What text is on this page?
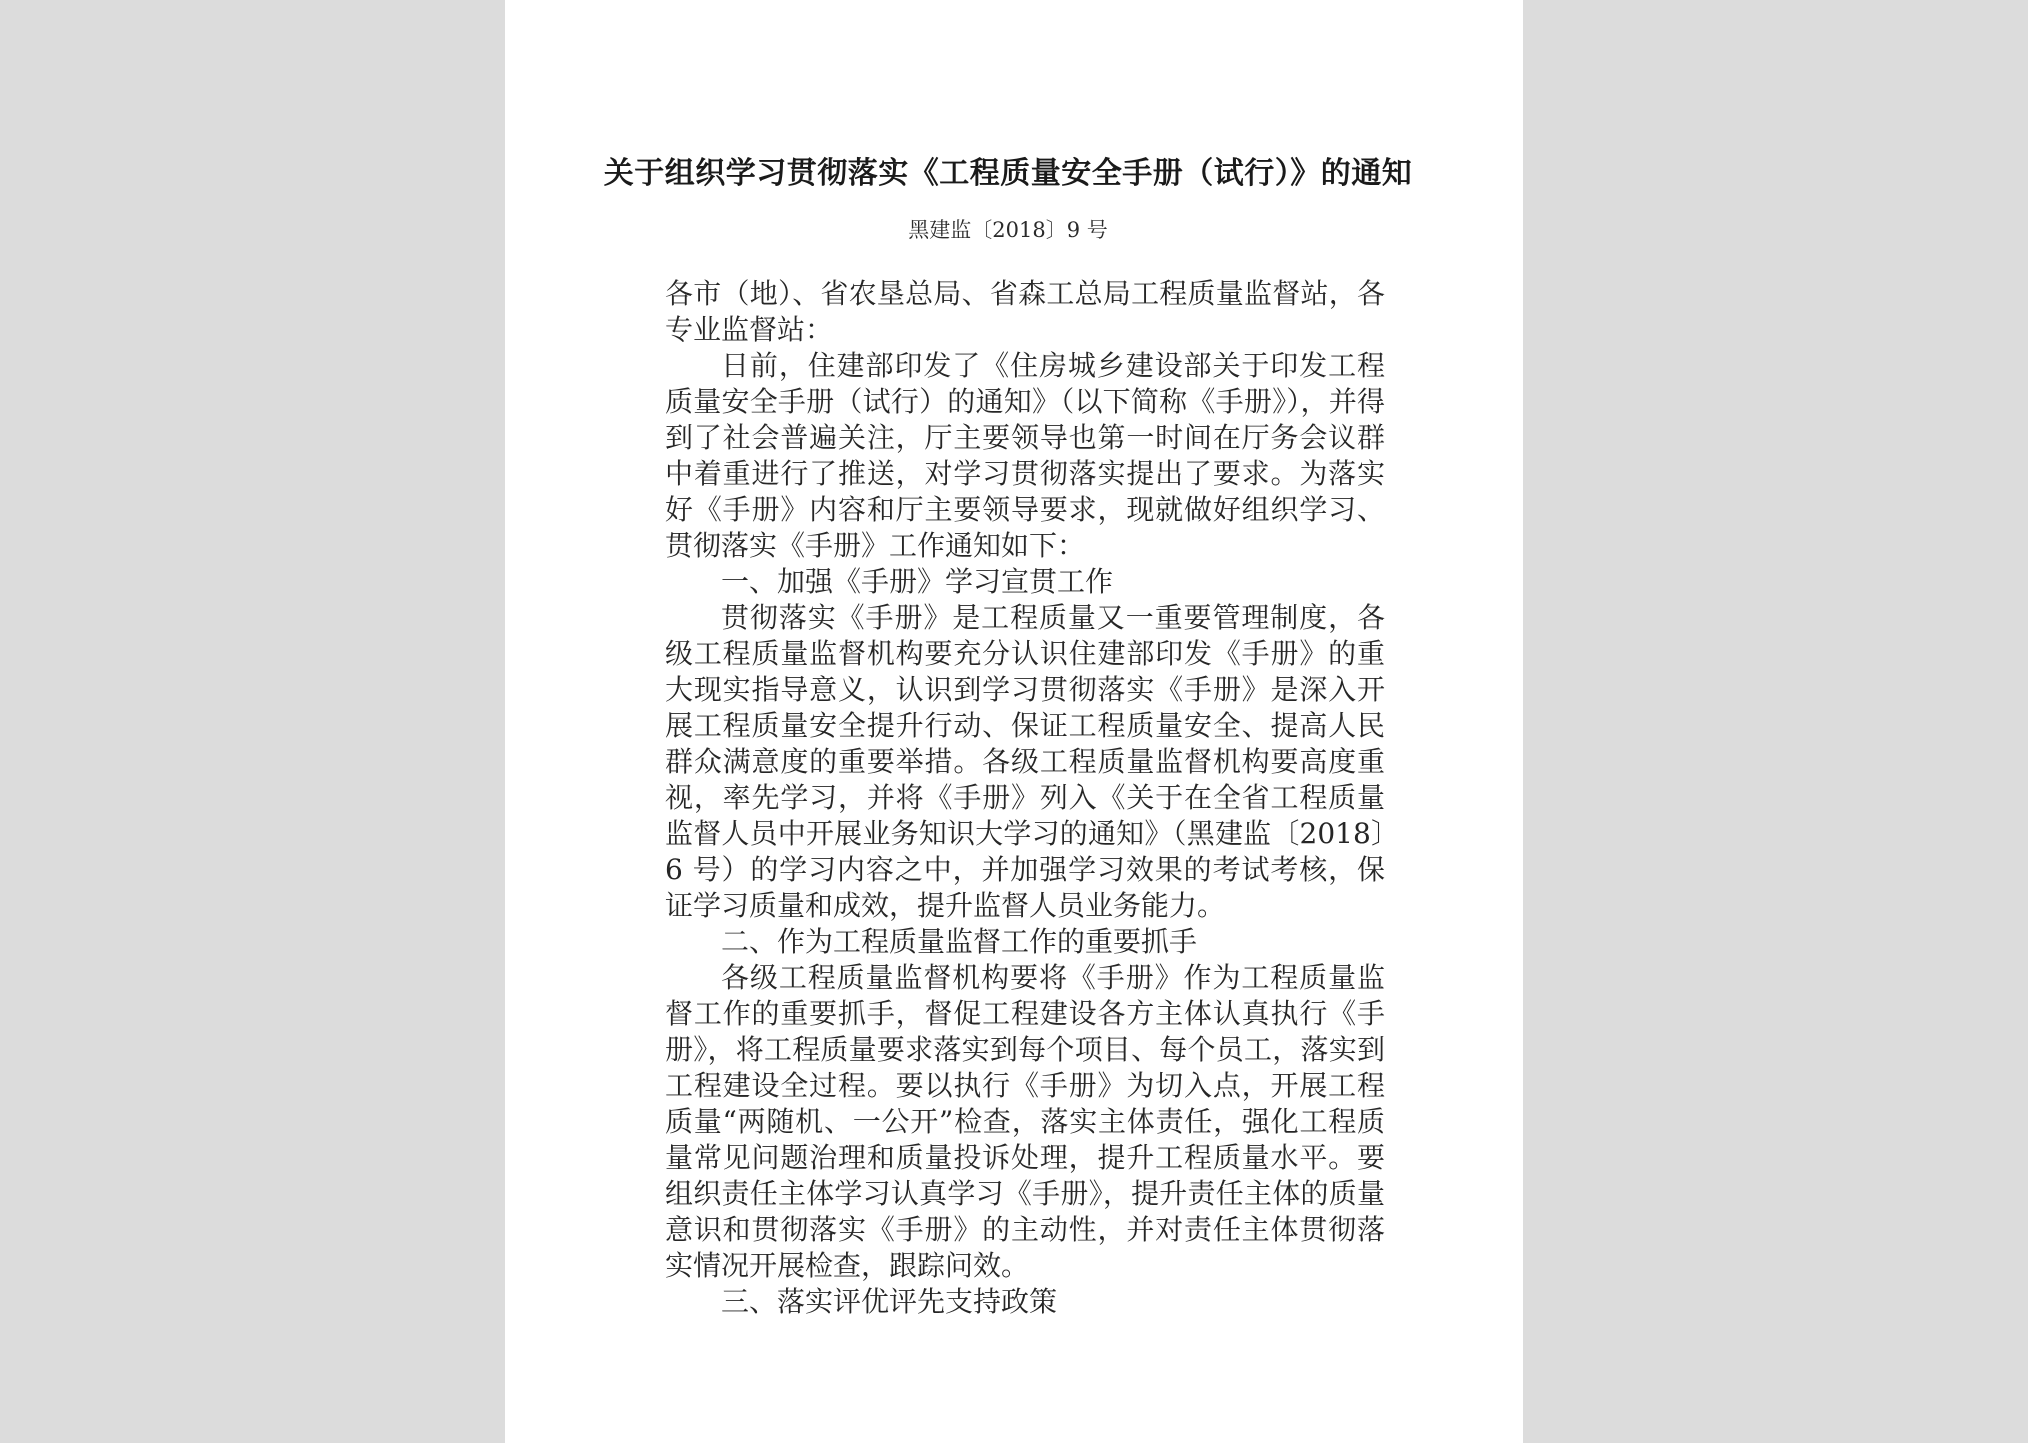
关于组织学习贯彻落实《工程质量安全手册（试行）》的通知
黑建监〔2018〕9 号

各市（地）、省农垦总局、省森工总局工程质量监督站，各专业监督站：

日前，住建部印发了《住房城乡建设部关于印发工程质量安全手册（试行）的通知》（以下简称《手册》），并得到了社会普遍关注，厅主要领导也第一时间在厅务会议群中着重进行了推送，对学习贯彻落实提出了要求。为落实好《手册》内容和厅主要领导要求，现就做好组织学习、贯彻落实《手册》工作通知如下：

一、加强《手册》学习宣贯工作

贯彻落实《手册》是工程质量又一重要管理制度，各级工程质量监督机构要充分认识住建部印发《手册》的重大现实指导意义，认识到学习贯彻落实《手册》是深入开展工程质量安全提升行动、保证工程质量安全、提高人民群众满意度的重要举措。各级工程质量监督机构要高度重视，率先学习，并将《手册》列入《关于在全省工程质量监督人员中开展业务知识大学习的通知》（黑建监〔2018〕6 号）的学习内容之中，并加强学习效果的考试考核，保证学习质量和成效，提升监督人员业务能力。

二、作为工程质量监督工作的重要抓手

各级工程质量监督机构要将《手册》作为工程质量监督工作的重要抓手，督促工程建设各方主体认真执行《手册》，将工程质量要求落实到每个项目、每个员工，落实到工程建设全过程。要以执行《手册》为切入点，开展工程质量“两随机、一公开”检查，落实主体责任，强化工程质量常见问题治理和质量投诉处理，提升工程质量水平。要组织责任主体学习认真学习《手册》，提升责任主体的质量意识和贯彻落实《手册》的主动性，并对责任主体贯彻落实情况开展检查，跟踪问效。

三、落实评优评先支持政策
